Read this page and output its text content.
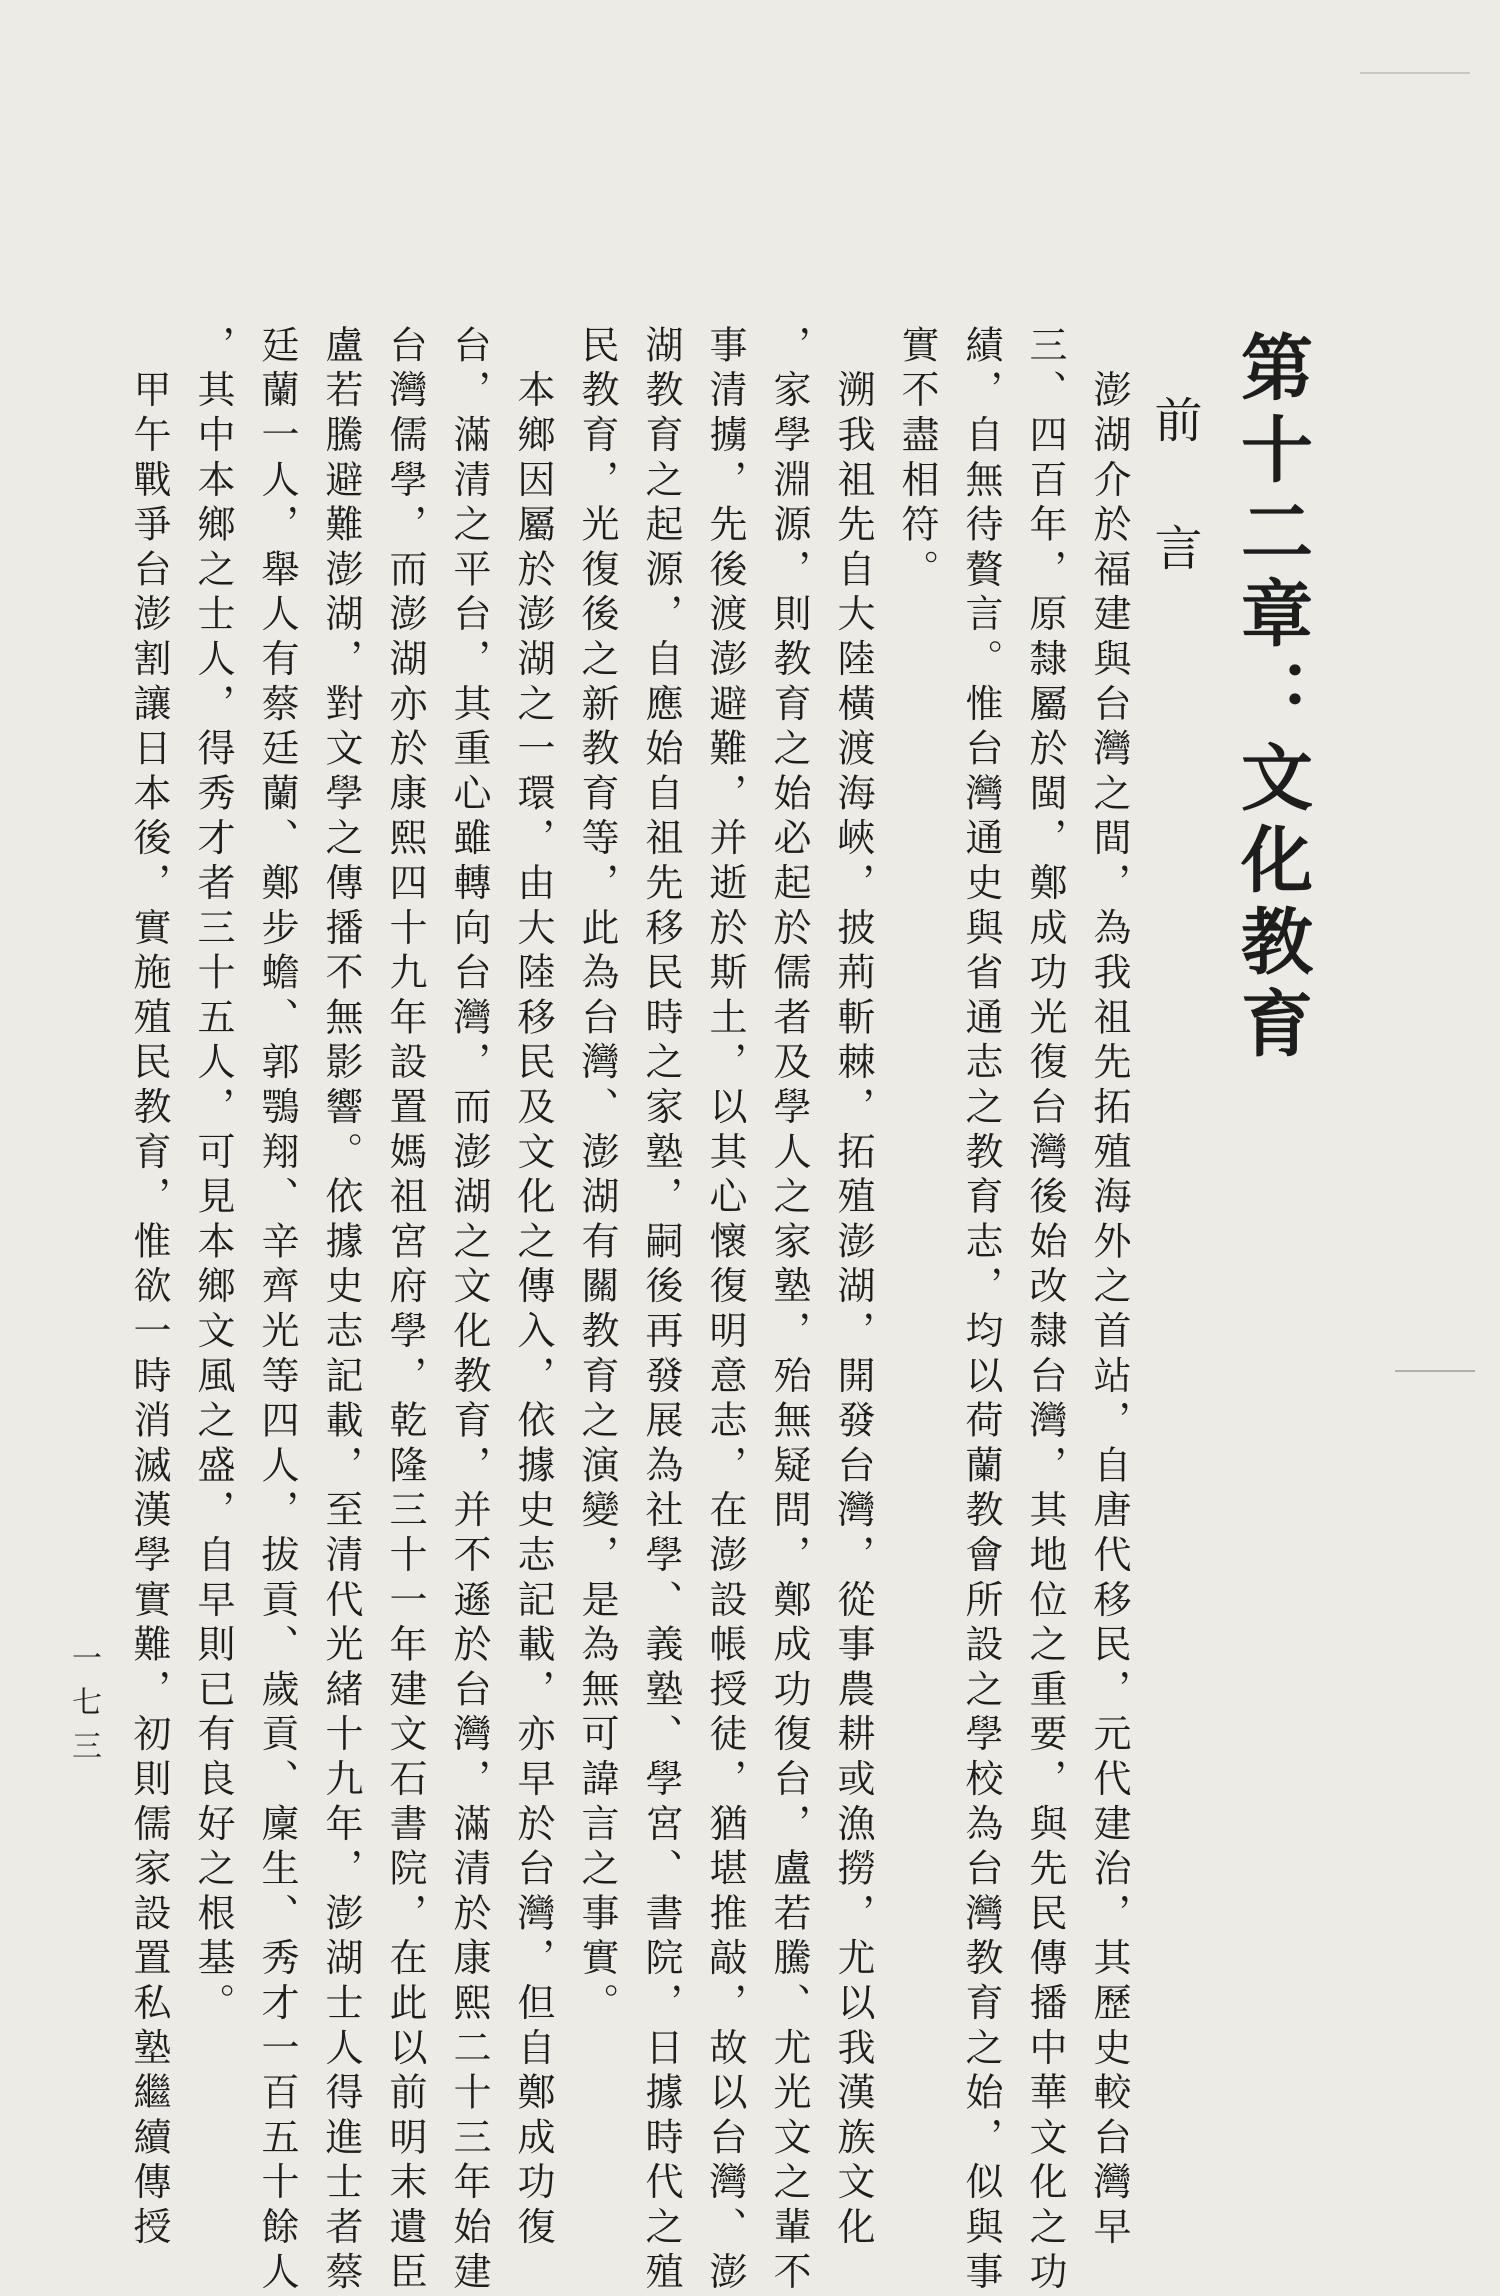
第十二章：文化教育
前言
　澎湖介於福建與台灣之間，為我祖先拓殖海外之首站，自唐代移民，元代建治，其歷史較台灣早
三、四百年，原隸屬於閩，鄭成功光復台灣後始改隸台灣，其地位之重要，與先民傳播中華文化之功
績，自無待贅言。惟台灣通史與省通志之教育志，均以荷蘭教會所設之學校為台灣教育之始，似與事
實不盡相符。
　溯我祖先自大陸橫渡海峽，披荊斬棘，拓殖澎湖，開發台灣，從事農耕或漁撈，尤以我漢族文化
，家學淵源，則教育之始必起於儒者及學人之家塾，殆無疑問，鄭成功復台，盧若騰、尤光文之輩不
事清擄，先後渡澎避難，并逝於斯土，以其心懷復明意志，在澎設帳授徒，猶堪推敲，故以台灣、澎
湖教育之起源，自應始自祖先移民時之家塾，嗣後再發展為社學、義塾、學宮、書院，日據時代之殖
民教育，光復後之新教育等，此為台灣、澎湖有關教育之演變，是為無可諱言之事實。
　本鄉因屬於澎湖之一環，由大陸移民及文化之傳入，依據史志記載，亦早於台灣，但自鄭成功復
台，滿清之平台，其重心雖轉向台灣，而澎湖之文化教育，并不遜於台灣，滿清於康熙二十三年始建
台灣儒學，而澎湖亦於康熙四十九年設置媽祖宮府學，乾隆三十一年建文石書院，在此以前明末遺臣
盧若騰避難澎湖，對文學之傳播不無影響。依據史志記載，至清代光緒十九年，澎湖士人得進士者蔡
廷蘭一人，舉人有蔡廷蘭、鄭步蟾、郭鶚翔、辛齊光等四人，拔貢、歲貢、廩生、秀才一百五十餘人
，其中本鄉之士人，得秀才者三十五人，可見本鄉文風之盛，自早則已有良好之根基。
　甲午戰爭台澎割讓日本後，實施殖民教育，惟欲一時消滅漢學實難，初則儒家設置私塾繼續傳授
一七三
